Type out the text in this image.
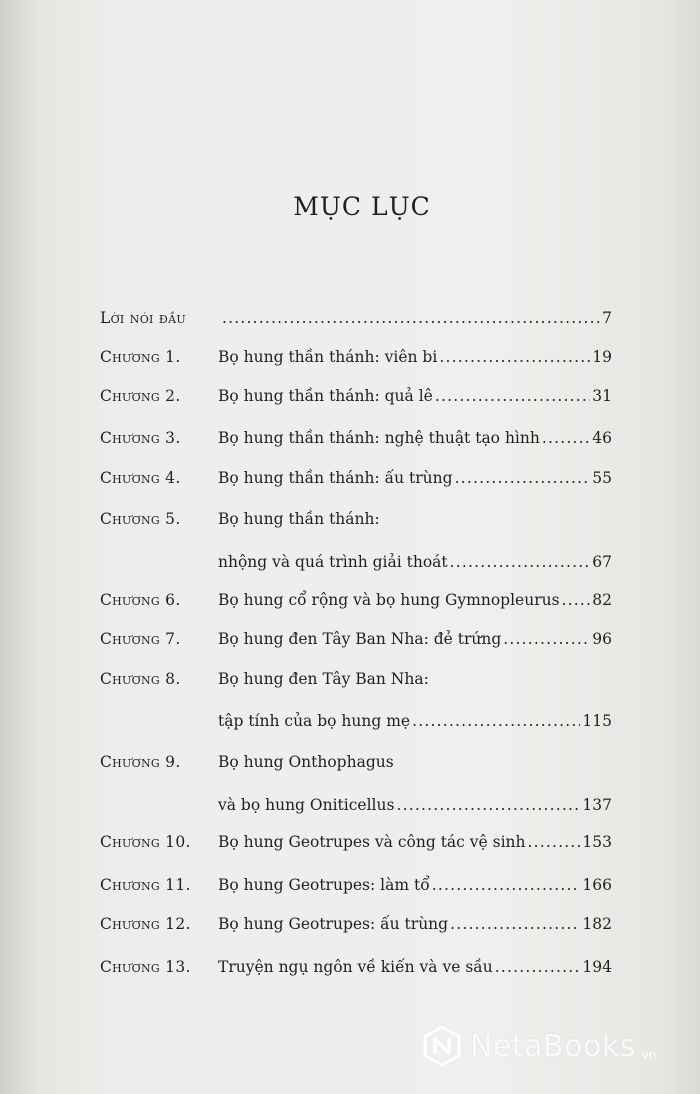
MỤC LỤC
Lời nói đầu .....	7
Chương 1. Bọ hung thần thánh: viên bi .....	19
Chương 2. Bọ hung thần thánh: quả lê .....	31
Chương 3. Bọ hung thần thánh: nghệ thuật tạo hình .....	46
Chương 4. Bọ hung thần thánh: ấu trùng .....	55
Chương 5. Bọ hung thần thánh:
nhộng và quá trình giải thoát .....	67
Chương 6. Bọ hung cổ rộng và bọ hung Gymnopleurus ..... 82
Chương 7. Bọ hung đen Tây Ban Nha: đẻ trứng .....	96
Chương 8. Bọ hung đen Tây Ban Nha:
tập tính của bọ hung mẹ .....	115
Chương 9. Bọ hung Onthophagus
và bọ hung Oniticellus .....	137
Chương 10. Bọ hung Geotrupes và công tác vệ sinh .....	153
Chương 11. Bọ hung Geotrupes: làm tổ .....	166
Chương 12. Bọ hung Geotrupes: ấu trùng .....	182
Chương 13. Truyện ngụ ngôn về kiến và ve sầu .....	194
NetaBooks .vn
